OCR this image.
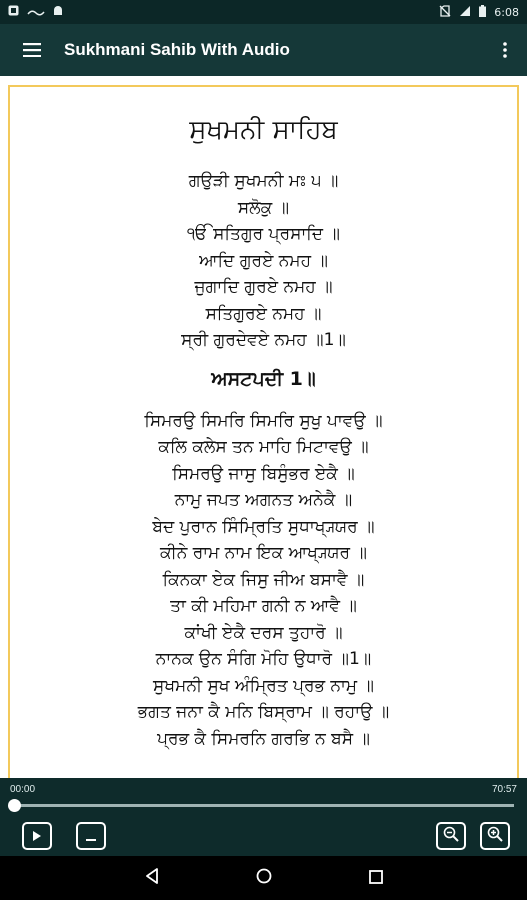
6:08
Sukhmani Sahib With Audio
ਸੁਖਮਨੀ ਸਾਹਿਬ
ਗਉੜੀ ਸੁਖਮਨੀ ਮਃ ੫ ॥
ਸਲੋਕੁ ॥
ੴ ਸਤਿਗੁਰ ਪ੍ਰਸਾਦਿ ॥
ਆਦਿ ਗੁਰਏ ਨਮਹ ॥
ਜੁਗਾਦਿ ਗੁਰਏ ਨਮਹ ॥
ਸਤਿਗੁਰਏ ਨਮਹ ॥
ਸ੍ਰੀ ਗੁਰਦੇਵਏ ਨਮਹ ॥1॥
ਅਸਟਪਦੀ 1॥
ਸਿਮਰਉ ਸਿਮਰਿ ਸਿਮਰਿ ਸੁਖੁ ਪਾਵਉ ॥
ਕਲਿ ਕਲੇਸ ਤਨ ਮਾਹਿ ਮਿਟਾਵਉ ॥
ਸਿਮਰਉ ਜਾਸੁ ਬਿਸੁੰਭਰ ਏਕੈ ॥
ਨਾਮੁ ਜਪਤ ਅਗਨਤ ਅਨੇਕੈ ॥
ਬੇਦ ਪੁਰਾਨ ਸਿੰਮ੍ਰਿਤਿ ਸੁਧਾਖ੍ਯ੍ਯਰ ॥
ਕੀਨੇ ਰਾਮ ਨਾਮ ਇਕ ਆਖ੍ਯ੍ਯਰ ॥
ਕਿਨਕਾ ਏਕ ਜਿਸੁ ਜੀਅ ਬਸਾਵੈ ॥
ਤਾ ਕੀ ਮਹਿਮਾ ਗਨੀ ਨ ਆਵੈ ॥
ਕਾਂਖੀ ਏਕੈ ਦਰਸ ਤੁਹਾਰੋ ॥
ਨਾਨਕ ਉਨ ਸੰਗਿ ਮੋਹਿ ਉਧਾਰੋ ॥1॥
ਸੁਖਮਨੀ ਸੁਖ ਅੰਮ੍ਰਿਤ ਪ੍ਰਭ ਨਾਮੁ ॥
ਭਗਤ ਜਨਾ ਕੈ ਮਨਿ ਬਿਸ੍ਰਾਮ ॥ ਰਹਾਉ ॥
ਪ੍ਰਭ ਕੈ ਸਿਮਰਨਿ ਗਰਭਿ ਨ ਬਸੈ ॥
00:00	70:57
